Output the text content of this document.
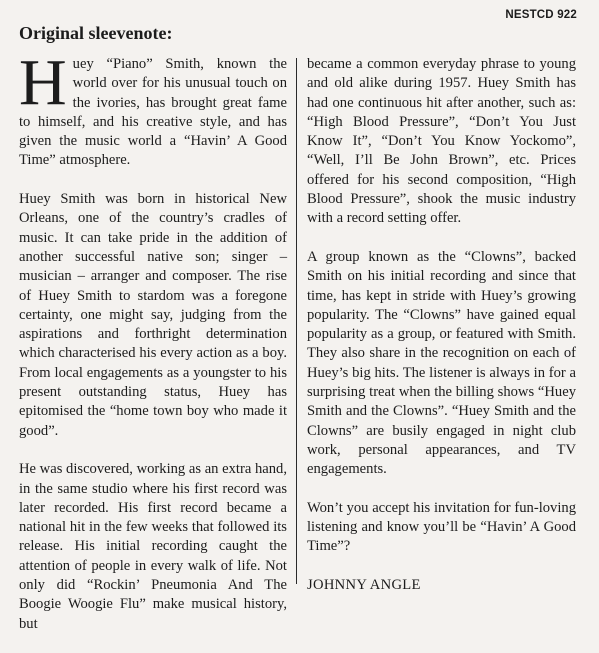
NESTCD 922
Original sleevenote:

Huey “Piano” Smith, known the world over for his unusual touch on the ivories, has brought great fame to himself, and his creative style, and has given the music world a “Havin’ A Good Time” atmosphere.

Huey Smith was born in historical New Orleans, one of the country’s cradles of music. It can take pride in the addition of another successful native son; singer – musician – arranger and composer. The rise of Huey Smith to stardom was a foregone certainty, one might say, judging from the aspirations and forthright determination which characterised his every action as a boy. From local engagements as a youngster to his present outstanding status, Huey has epitomised the “home town boy who made it good”.

He was discovered, working as an extra hand, in the same studio where his first record was later recorded. His first record became a national hit in the few weeks that followed its release. His initial recording caught the attention of people in every walk of life. Not only did “Rockin’ Pneumonia And The Boogie Woogie Flu” make musical history, but

became a common everyday phrase to young and old alike during 1957. Huey Smith has had one continuous hit after another, such as: “High Blood Pressure”, “Don’t You Just Know It”, “Don’t You Know Yockomo”, “Well, I’ll Be John Brown”, etc. Prices offered for his second composition, “High Blood Pressure”, shook the music industry with a record setting offer.

A group known as the “Clowns”, backed Smith on his initial recording and since that time, has kept in stride with Huey’s growing popularity. The “Clowns” have gained equal popularity as a group, or featured with Smith. They also share in the recognition on each of Huey’s big hits. The listener is always in for a surprising treat when the billing shows “Huey Smith and the Clowns”. “Huey Smith and the Clowns” are busily engaged in night club work, personal appearances, and TV engagements.

Won’t you accept his invitation for fun-loving listening and know you’ll be “Havin’ A Good Time”?

JOHNNY ANGLE
